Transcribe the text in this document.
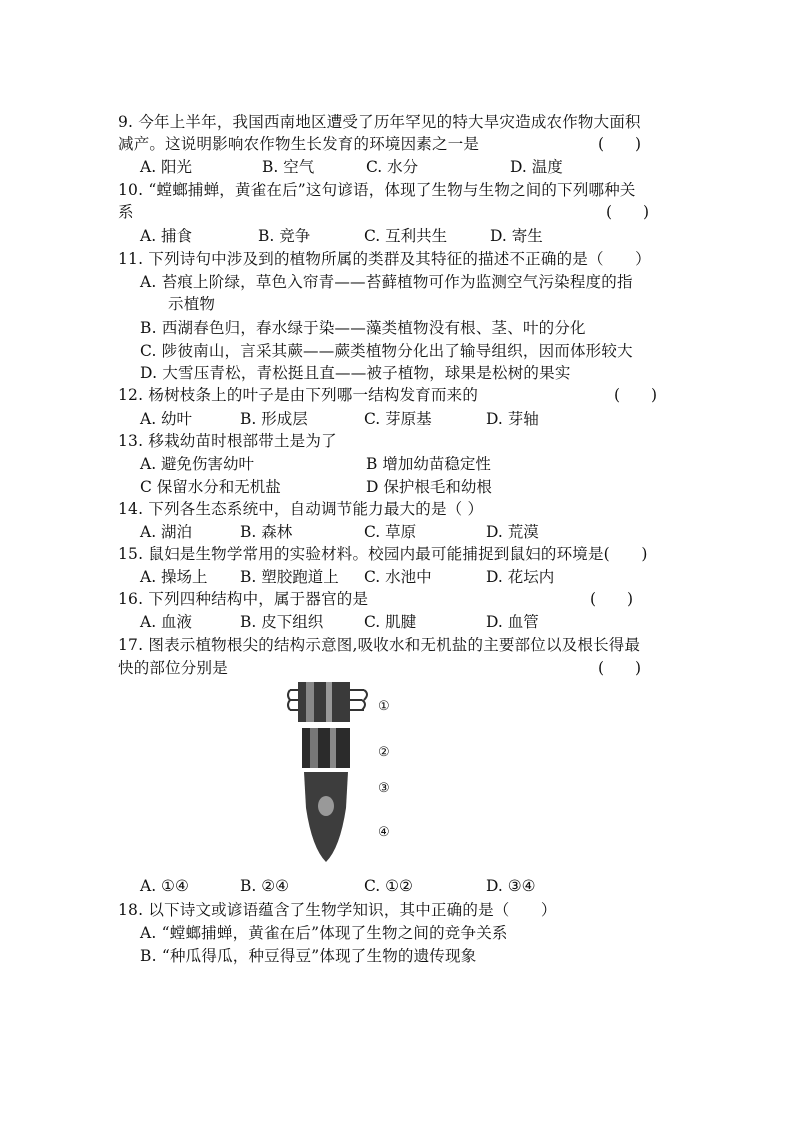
9. 今年上半年，我国西南地区遭受了历年罕见的特大旱灾造成农作物大面积
减产。这说明影响农作物生长发育的环境因素之一是	(　　)
A. 阳光	B. 空气	C. 水分	D. 温度
10. “螳螂捕蝉，黄雀在后”这句谚语，体现了生物与生物之间的下列哪种关
系	(　　)
A. 捕食	B. 竞争	C. 互利共生	D. 寄生
11. 下列诗句中涉及到的植物所属的类群及其特征的描述不正确的是（　　）
A. 苔痕上阶绿，草色入帘青——苔藓植物可作为监测空气污染程度的指
示植物
B. 西湖春色归，春水绿于染——藻类植物没有根、茎、叶的分化
C. 陟彼南山，言采其蕨——蕨类植物分化出了输导组织，因而体形较大
D. 大雪压青松，青松挺且直——被子植物，球果是松树的果实
12. 杨树枝条上的叶子是由下列哪一结构发育而来的	(　　)
A. 幼叶	B. 形成层	C. 芽原基	D. 芽轴
13. 移栽幼苗时根部带土是为了
A. 避免伤害幼叶	B 增加幼苗稳定性
C 保留水分和无机盐	D 保护根毛和幼根
14. 下列各生态系统中，自动调节能力最大的是（ ）
A. 湖泊	B. 森林	C. 草原	D. 荒漠
15. 鼠妇是生物学常用的实验材料。校园内最可能捕捉到鼠妇的环境是(　　)
A. 操场上 B. 塑胶跑道上 C. 水池中	D. 花坛内
16. 下列四种结构中，属于器官的是	(　　)
A. 血液	B. 皮下组织	C. 肌腱	D. 血管
17. 图表示植物根尖的结构示意图,吸收水和无机盐的主要部位以及根长得最
快的部位分别是	(　　)
①
②
③
④
A. ①④	B. ②④	C. ①②	D. ③④
18. 以下诗文或谚语蕴含了生物学知识，其中正确的是（　　）
A. “螳螂捕蝉，黄雀在后”体现了生物之间的竞争关系
B. “种瓜得瓜，种豆得豆”体现了生物的遗传现象
